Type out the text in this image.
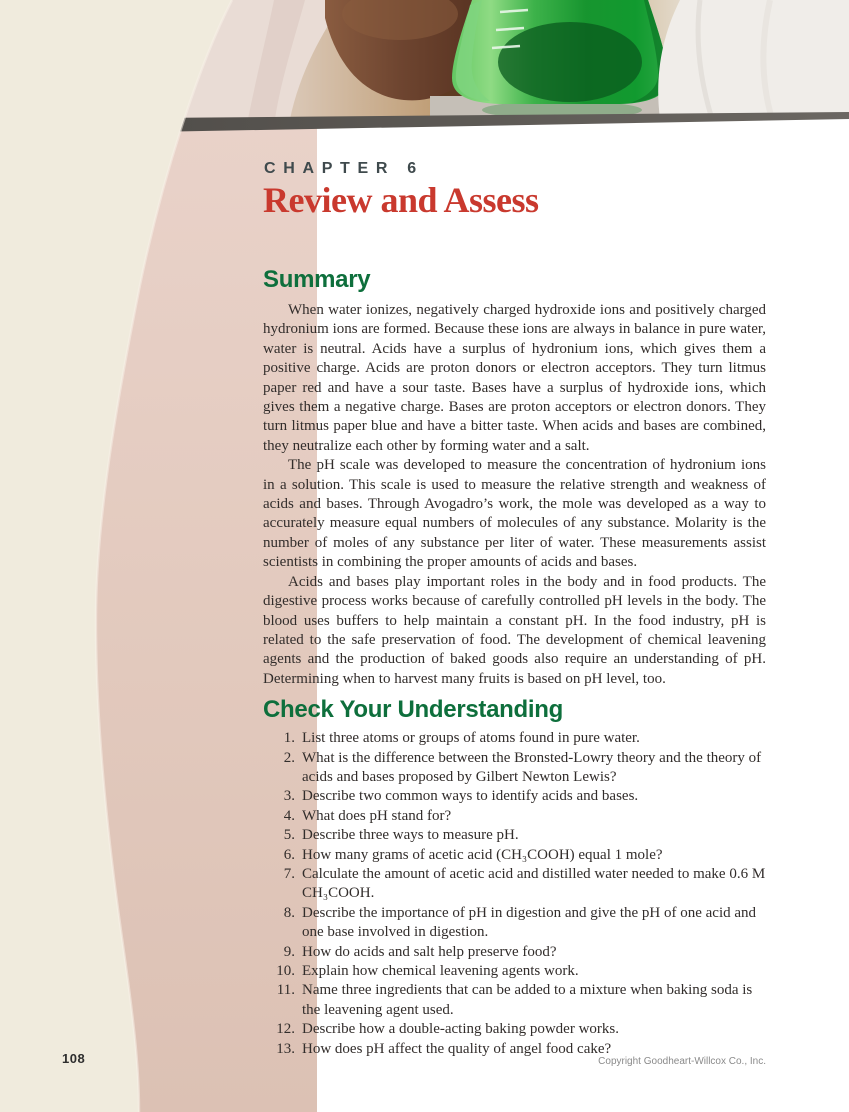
CHAPTER 6
Review and Assess
Summary

When water ionizes, negatively charged hydroxide ions and positively charged hydronium ions are formed. Because these ions are always in balance in pure water, water is neutral. Acids have a surplus of hydronium ions, which gives them a positive charge. Acids are proton donors or electron acceptors. They turn litmus paper red and have a sour taste. Bases have a surplus of hydroxide ions, which gives them a negative charge. Bases are proton acceptors or electron donors. They turn litmus paper blue and have a bitter taste. When acids and bases are combined, they neutralize each other by forming water and a salt.

The pH scale was developed to measure the concentration of hydronium ions in a solution. This scale is used to measure the relative strength and weakness of acids and bases. Through Avogadro’s work, the mole was developed as a way to accurately measure equal numbers of molecules of any substance. Molarity is the number of moles of any substance per liter of water. These measurements assist scientists in combining the proper amounts of acids and bases.

Acids and bases play important roles in the body and in food products. The digestive process works because of carefully controlled pH levels in the body. The blood uses buffers to help maintain a constant pH. In the food industry, pH is related to the safe preservation of food. The development of chemical leavening agents and the production of baked goods also require an understanding of pH. Determining when to harvest many fruits is based on pH level, too.

Check Your Understanding
1. List three atoms or groups of atoms found in pure water.
2. What is the difference between the Bronsted-Lowry theory and the theory of acids and bases proposed by Gilbert Newton Lewis?
3. Describe two common ways to identify acids and bases.
4. What does pH stand for?
5. Describe three ways to measure pH.
6. How many grams of acetic acid (CH₃COOH) equal 1 mole?
7. Calculate the amount of acetic acid and distilled water needed to make 0.6 M CH₃COOH.
8. Describe the importance of pH in digestion and give the pH of one acid and one base involved in digestion.
9. How do acids and salt help preserve food?
10. Explain how chemical leavening agents work.
11. Name three ingredients that can be added to a mixture when baking soda is the leavening agent used.
12. Describe how a double-acting baking powder works.
13. How does pH affect the quality of angel food cake?
108	Copyright Goodheart-Willcox Co., Inc.
